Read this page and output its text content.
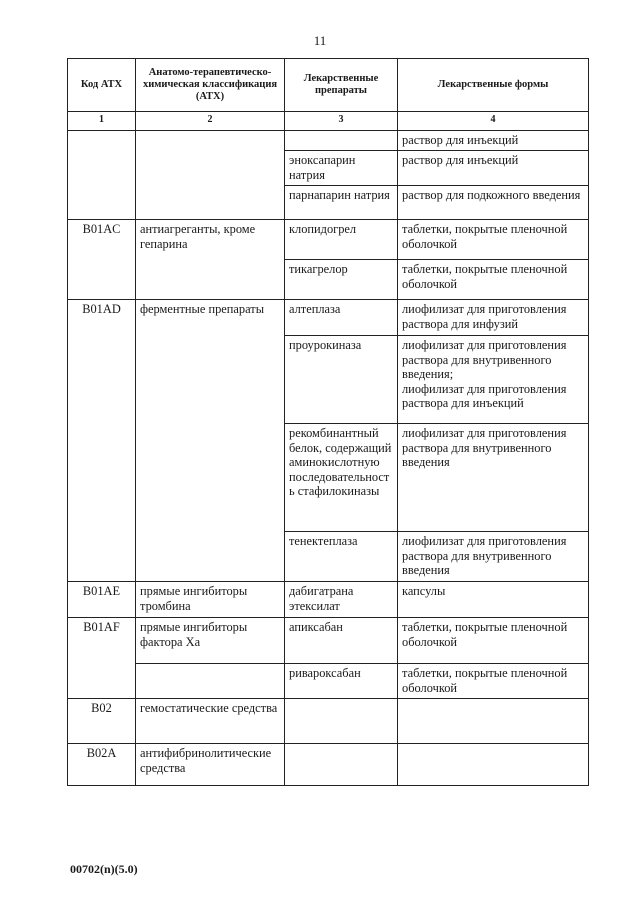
11
Код АТХ	Анатомо-терапевтическо-химическая классификация (АТХ)	Лекарственные препараты	Лекарственные формы
1	2	3	4
			раствор для инъекций
		эноксапарин натрия	раствор для инъекций
		парнапарин натрия	раствор для подкожного введения
B01AC	антиагреганты, кроме гепарина	клопидогрел	таблетки, покрытые пленочной оболочкой
		тикагрелор	таблетки, покрытые пленочной оболочкой
B01AD	ферментные препараты	алтеплаза	лиофилизат для приготовления раствора для инфузий
		проурокиназа	лиофилизат для приготовления раствора для внутривенного введения;
лиофилизат для приготовления раствора для инъекций
		рекомбинантный белок, содержащий аминокислотную последовательность стафилокиназы	лиофилизат для приготовления раствора для внутривенного введения
		тенектеплаза	лиофилизат для приготовления раствора для внутривенного введения
B01AE	прямые ингибиторы тромбина	дабигатрана этексилат	капсулы
B01AF	прямые ингибиторы фактора Ха	апиксабан	таблетки, покрытые пленочной оболочкой
		ривароксабан	таблетки, покрытые пленочной оболочкой
B02	гемостатические средства		
B02A	антифибринолитические средства		
00702(n)(5.0)
